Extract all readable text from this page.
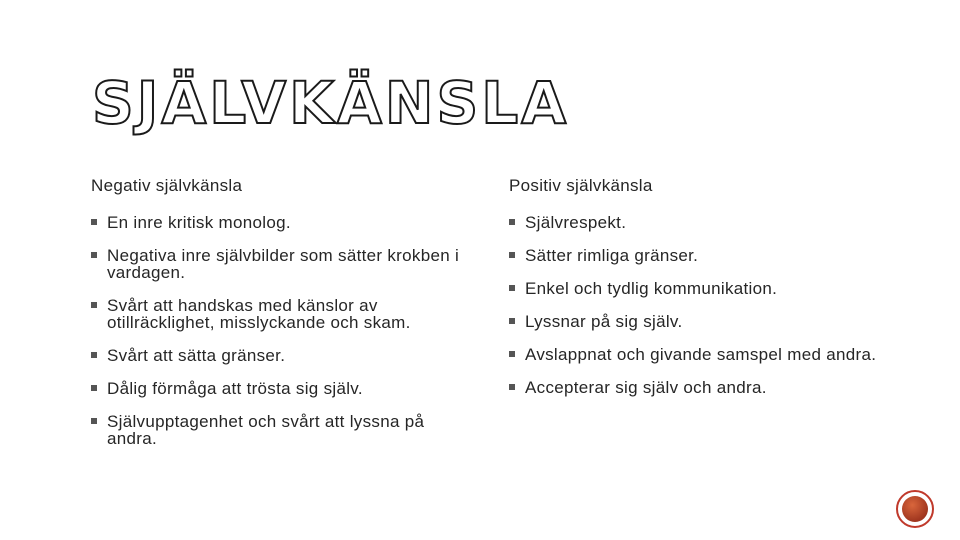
SJÄLVKÄNSLA
Negativ självkänsla
En inre kritisk monolog.
Negativa inre självbilder som sätter krokben i vardagen.
Svårt att handskas med känslor av otillräcklighet, misslyckande och skam.
Svårt att sätta gränser.
Dålig förmåga att trösta sig själv.
Självupptagenhet och svårt att lyssna på andra.
Positiv självkänsla
Självrespekt.
Sätter rimliga gränser.
Enkel och tydlig kommunikation.
Lyssnar på sig själv.
Avslappnat och givande samspel med andra.
Accepterar sig själv och andra.
